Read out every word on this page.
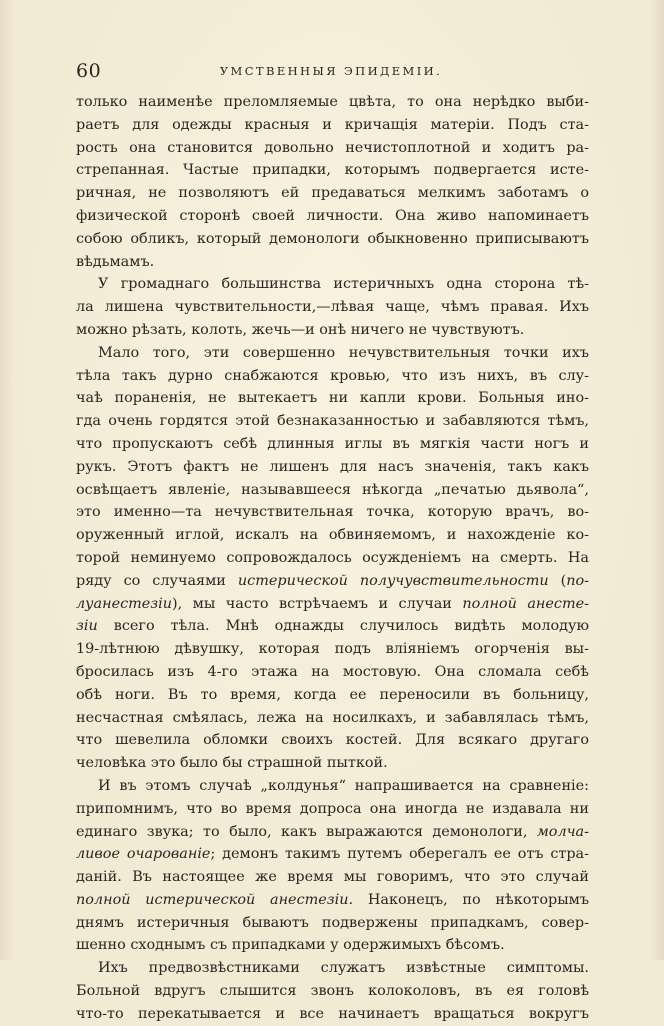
60	УМСТВЕННЫЯ ЭПИДЕМІИ.
только наименѣе преломляемые цвѣта, то она нерѣдко выби-
раетъ для одежды красныя и кричащія матеріи. Подъ ста-
рость она становится довольно нечистоплотной и ходитъ ра-
стрепанная. Частые припадки, которымъ подвергается исте-
ричная, не позволяютъ ей предаваться мелкимъ заботамъ о
физической сторонѣ своей личности. Она живо напоминаетъ
собою обликъ, который демонологи обыкновенно приписываютъ
вѣдьмамъ.
У громаднаго большинства истеричныхъ одна сторона тѣ-
ла лишена чувствительности,—лѣвая чаще, чѣмъ правая. Ихъ
можно рѣзать, колоть, жечь—и онѣ ничего не чувствуютъ.
Мало того, эти совершенно нечувствительныя точки ихъ
тѣла такъ дурно снабжаются кровью, что изъ нихъ, въ слу-
чаѣ пораненія, не вытекаетъ ни капли крови. Больныя ино-
гда очень гордятся этой безнаказанностью и забавляются тѣмъ,
что пропускаютъ себѣ длинныя иглы въ мягкія части ногъ и
рукъ. Этотъ фактъ не лишенъ для насъ значенія, такъ какъ
освѣщаетъ явленіе, называвшееся нѣкогда „печатью дьявола“,
это именно—та нечувствительная точка, которую врачъ, во-
оруженный иглой, искалъ на обвиняемомъ, и нахожденіе ко-
торой неминуемо сопровождалось осужденіемъ на смерть. На
ряду со случаями истерической получувствительности (по-
луанестезіи), мы часто встрѣчаемъ и случаи полной анесте-
зіи всего тѣла. Мнѣ однажды случилось видѣть молодую
19-лѣтнюю дѣвушку, которая подъ вліяніемъ огорченія вы-
бросилась изъ 4-го этажа на мостовую. Она сломала себѣ
обѣ ноги. Въ то время, когда ее переносили въ больницу,
несчастная смѣялась, лежа на носилкахъ, и забавлялась тѣмъ,
что шевелила обломки своихъ костей. Для всякаго другаго
человѣка это было бы страшной пыткой.
И въ этомъ случаѣ „колдунья“ напрашивается на сравненіе:
припомнимъ, что во время допроса она иногда не издавала ни
единаго звука; то было, какъ выражаются демонологи, молча-
ливое очарованіе; демонъ такимъ путемъ оберегалъ ее отъ стра-
даній. Въ настоящее же время мы говоримъ, что это случай
полной истерической анестезіи. Наконецъ, по нѣкоторымъ
днямъ истеричныя бываютъ подвержены припадкамъ, совер-
шенно сходнымъ съ припадками у одержимыхъ бѣсомъ.
Ихъ предвозвѣстниками служатъ извѣстные симптомы.
Больной вдругъ слышится звонъ колоколовъ, въ ея головѣ
что-то перекатывается и все начинаетъ вращаться вокругъ
